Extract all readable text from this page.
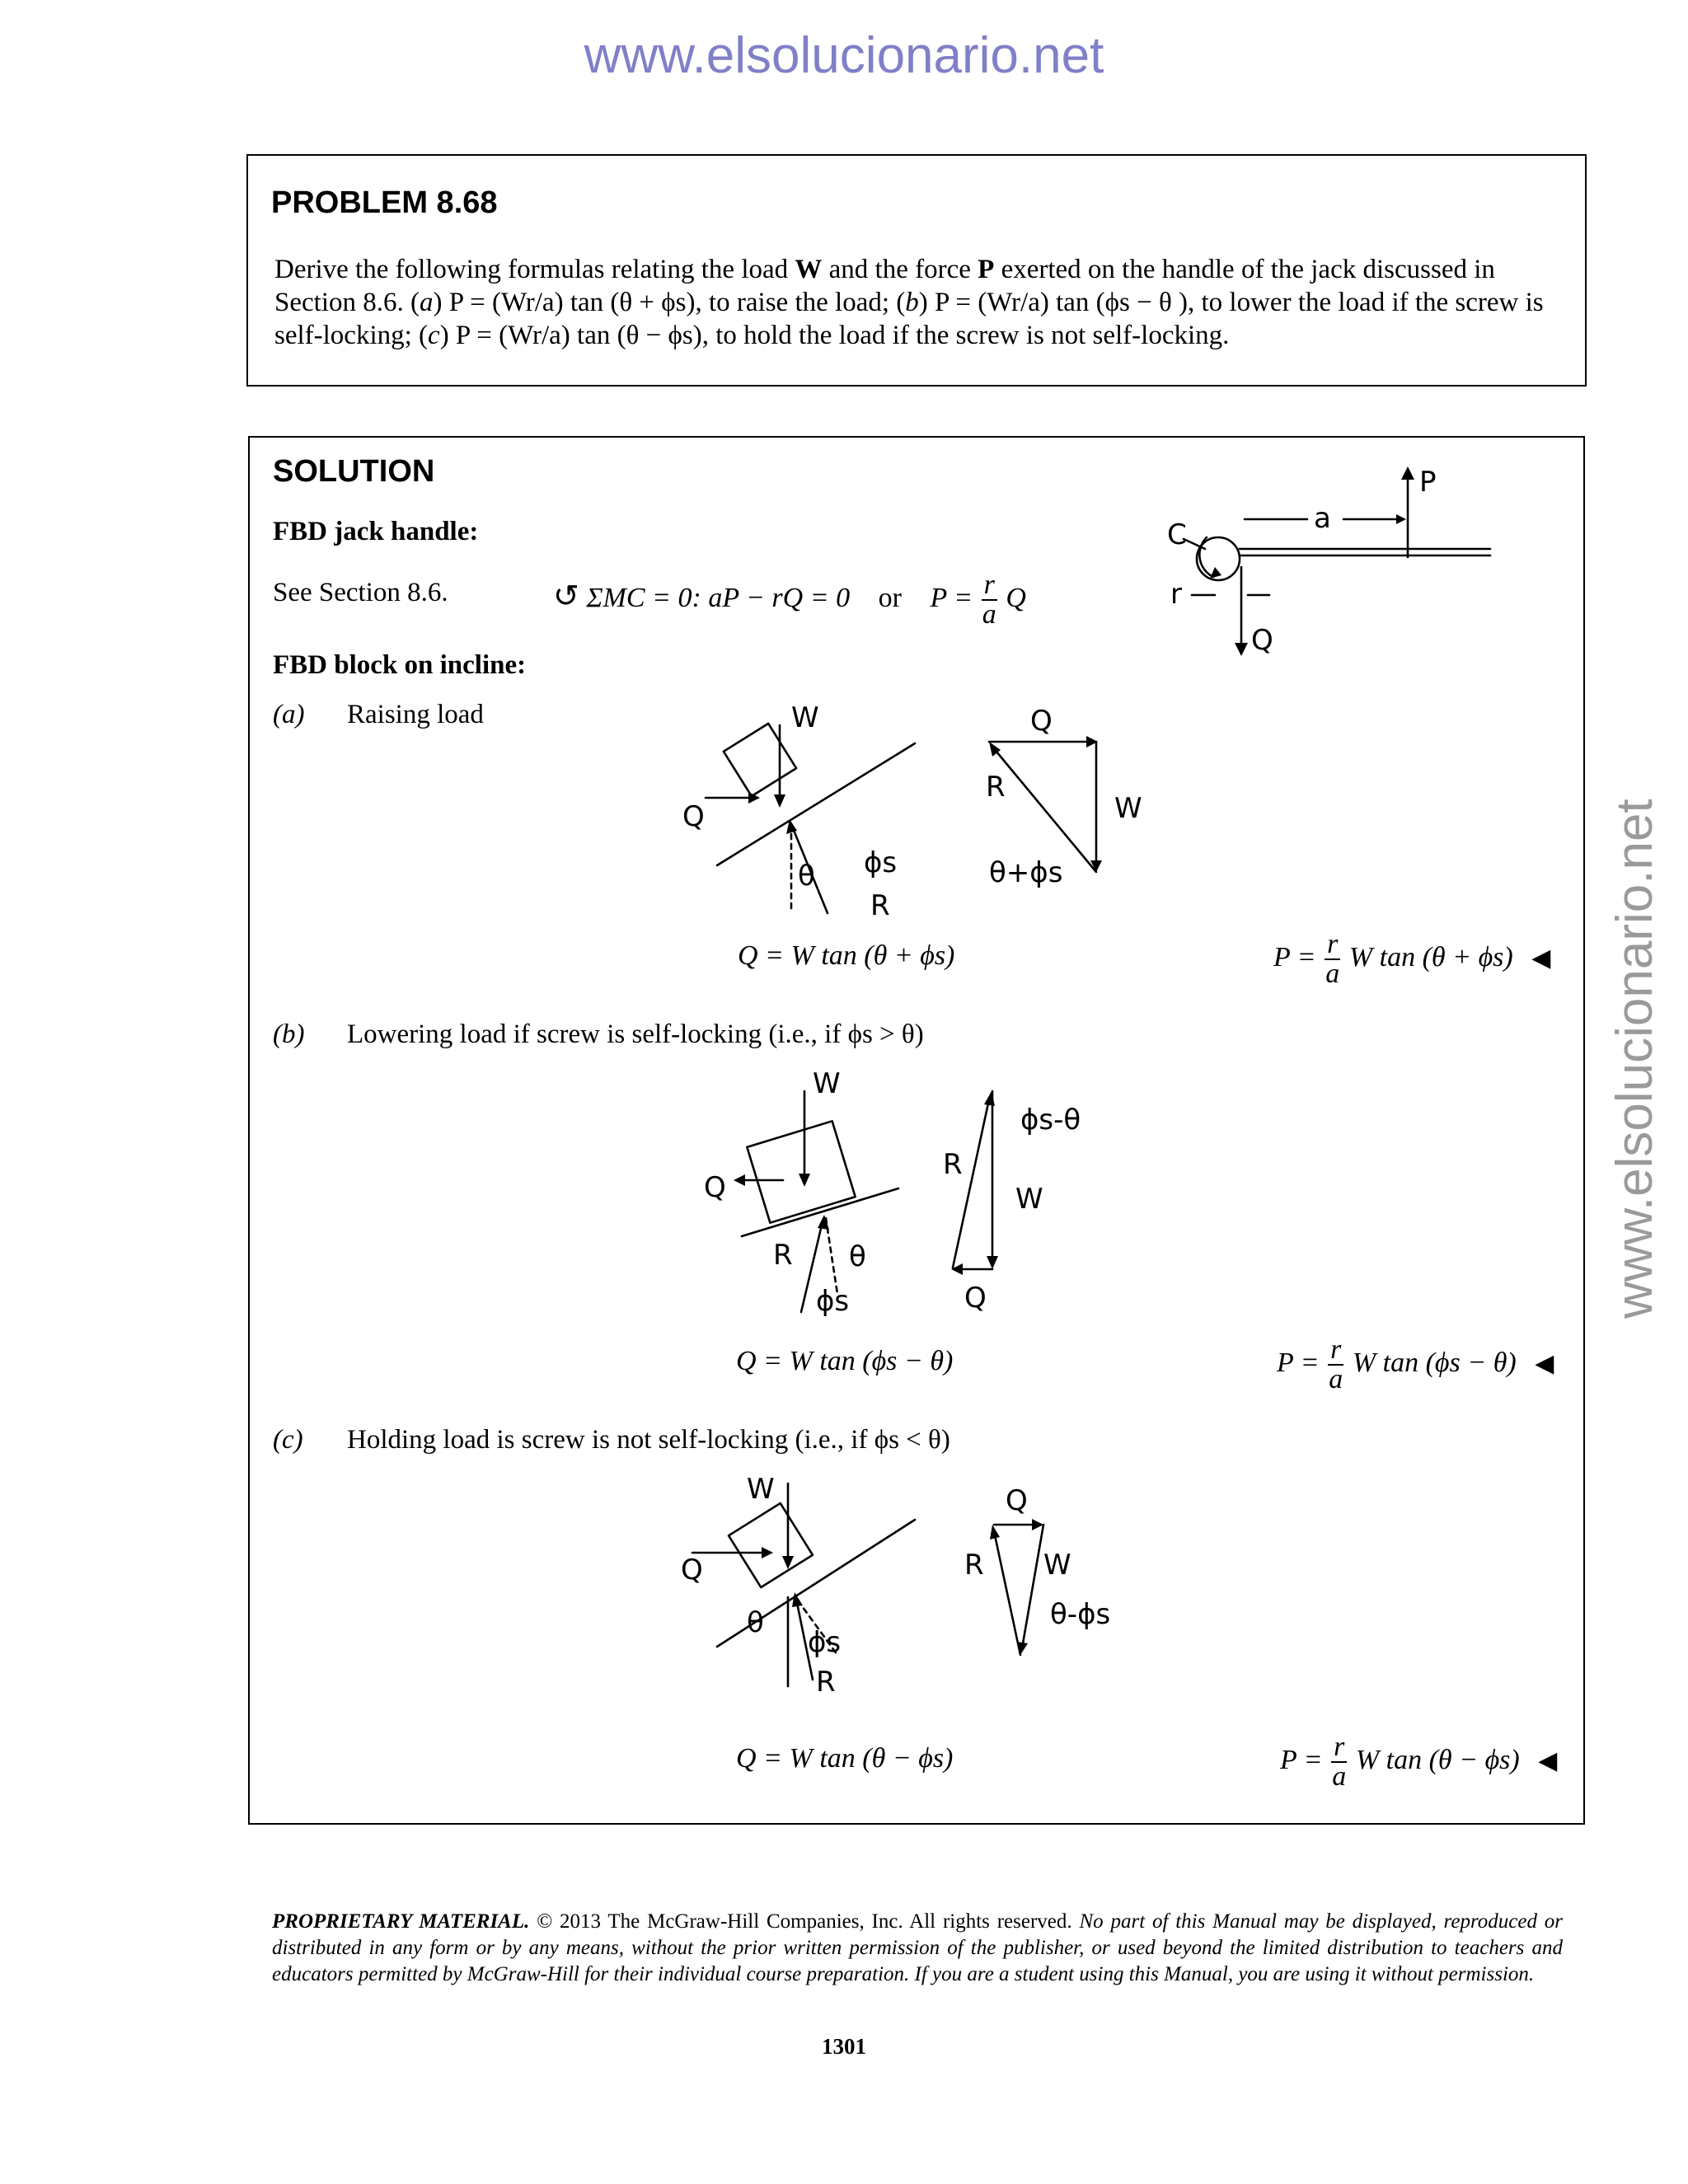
www.elsolucionario.net
www.elsolucionario.net
PROBLEM 8.68
Derive the following formulas relating the load W and the force P exerted on the handle of the jack discussed in Section 8.6. (a) P = (Wr/a) tan (θ + ϕs), to raise the load; (b) P = (Wr/a) tan (ϕs − θ ), to lower the load if the screw is self-locking; (c) P = (Wr/a) tan (θ − ϕs), to hold the load if the screw is not self-locking.
SOLUTION
FBD jack handle:
See Section 8.6.	↺ ΣMC = 0: aP − rQ = 0 or $P = \frac{r}{a}$ Q
FBD block on incline:
(a) Raising load
Q = W tan (θ + ϕs)	$P = \frac{r}{a}$ W tan (θ + ϕs) ◀
(b) Lowering load if screw is self-locking (i.e., if ϕs > θ)
Q = W tan (ϕs − θ)	$P = \frac{r}{a}$ W tan (ϕs − θ) ◀
(c) Holding load is screw is not self-locking (i.e., if ϕs < θ)
Q = W tan (θ − ϕs)	$P = \frac{r}{a}$ W tan (θ − ϕs) ◀
P
a
C
r
Q
W
Q
θ ϕs
R
Q
R
W
θ+ϕs
W
Q
R θ
ϕs
ϕs-θ
R
W
Q
W
Q
θ
ϕs
R
Q
R W
θ-ϕs
PROPRIETARY MATERIAL. © 2013 The McGraw-Hill Companies, Inc. All rights reserved. No part of this Manual may be displayed, reproduced or distributed in any form or by any means, without the prior written permission of the publisher, or used beyond the limited distribution to teachers and educators permitted by McGraw-Hill for their individual course preparation. If you are a student using this Manual, you are using it without permission.
1301
